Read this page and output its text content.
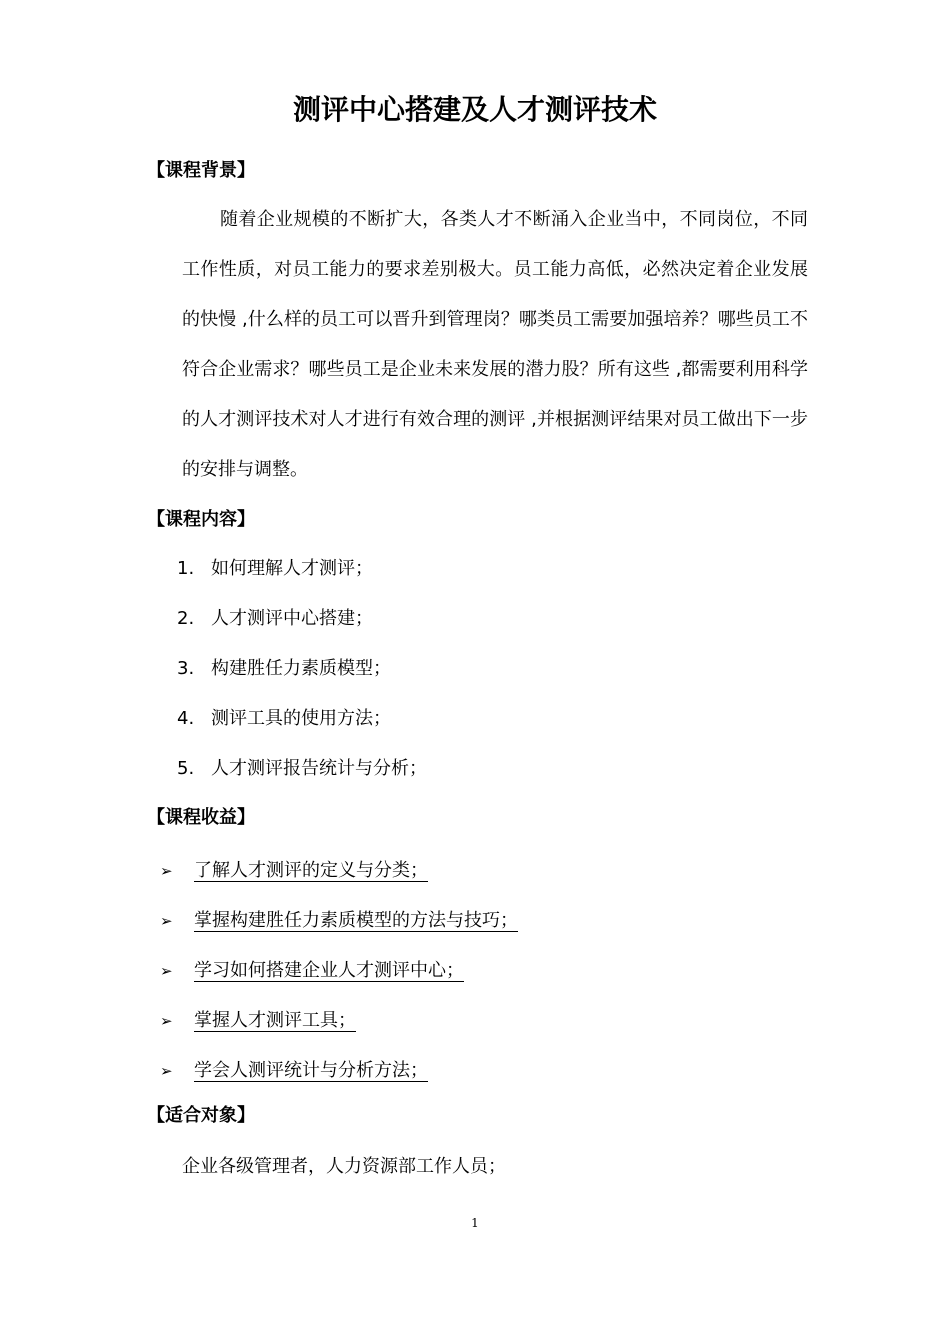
测评中心搭建及人才测评技术
【课程背景】
随着企业规模的不断扩大，各类人才不断涌入企业当中，不同岗位，不同工作性质，对员工能力的要求差别极大。员工能力高低，必然决定着企业发展的快慢 ,什么样的员工可以晋升到管理岗？哪类员工需要加强培养？哪些员工不符合企业需求？哪些员工是企业未来发展的潜力股？所有这些 ,都需要利用科学的人才测评技术对人才进行有效合理的测评 ,并根据测评结果对员工做出下一步的安排与调整。
【课程内容】
1. 如何理解人才测评；
2. 人才测评中心搭建；
3. 构建胜任力素质模型；
4. 测评工具的使用方法；
5. 人才测评报告统计与分析；
【课程收益】
➢ 了解人才测评的定义与分类；
➢ 掌握构建胜任力素质模型的方法与技巧；
➢ 学习如何搭建企业人才测评中心；
➢ 掌握人才测评工具；
➢ 学会人测评统计与分析方法；
【适合对象】
企业各级管理者，人力资源部工作人员；
1
